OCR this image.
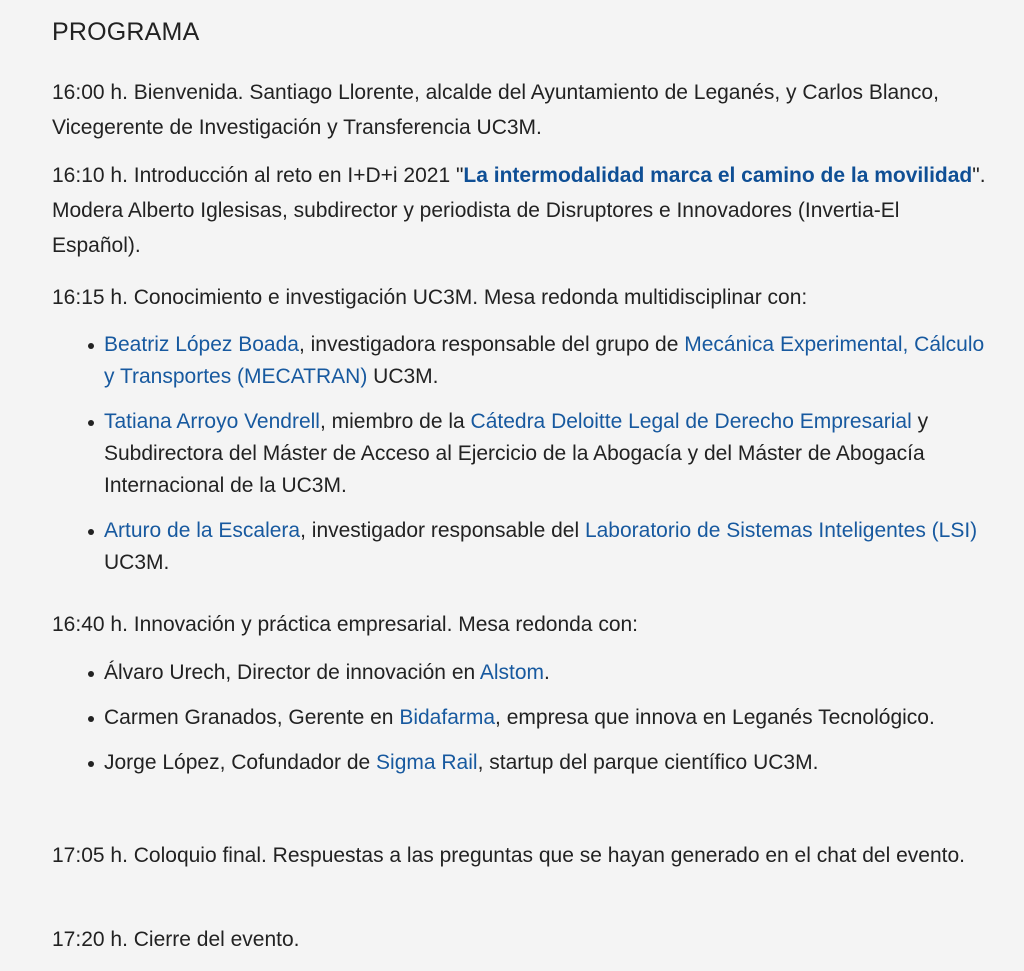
PROGRAMA

16:00 h. Bienvenida. Santiago Llorente, alcalde del Ayuntamiento de Leganés, y Carlos Blanco, Vicegerente de Investigación y Transferencia UC3M.

16:10 h. Introducción al reto en I+D+i 2021 "La intermodalidad marca el camino de la movilidad". Modera Alberto Iglesisas, subdirector y periodista de Disruptores e Innovadores (Invertia-El Español).

16:15 h. Conocimiento e investigación UC3M. Mesa redonda multidisciplinar con:

Beatriz López Boada, investigadora responsable del grupo de Mecánica Experimental, Cálculo y Transportes (MECATRAN) UC3M.
Tatiana Arroyo Vendrell, miembro de la Cátedra Deloitte Legal de Derecho Empresarial y Subdirectora del Máster de Acceso al Ejercicio de la Abogacía y del Máster de Abogacía Internacional de la UC3M.
Arturo de la Escalera, investigador responsable del Laboratorio de Sistemas Inteligentes (LSI) UC3M.

16:40 h. Innovación y práctica empresarial. Mesa redonda con:

Álvaro Urech, Director de innovación en Alstom.
Carmen Granados, Gerente en Bidafarma, empresa que innova en Leganés Tecnológico.
Jorge López, Cofundador de Sigma Rail, startup del parque científico UC3M.

17:05 h. Coloquio final. Respuestas a las preguntas que se hayan generado en el chat del evento.

17:20 h. Cierre del evento.
